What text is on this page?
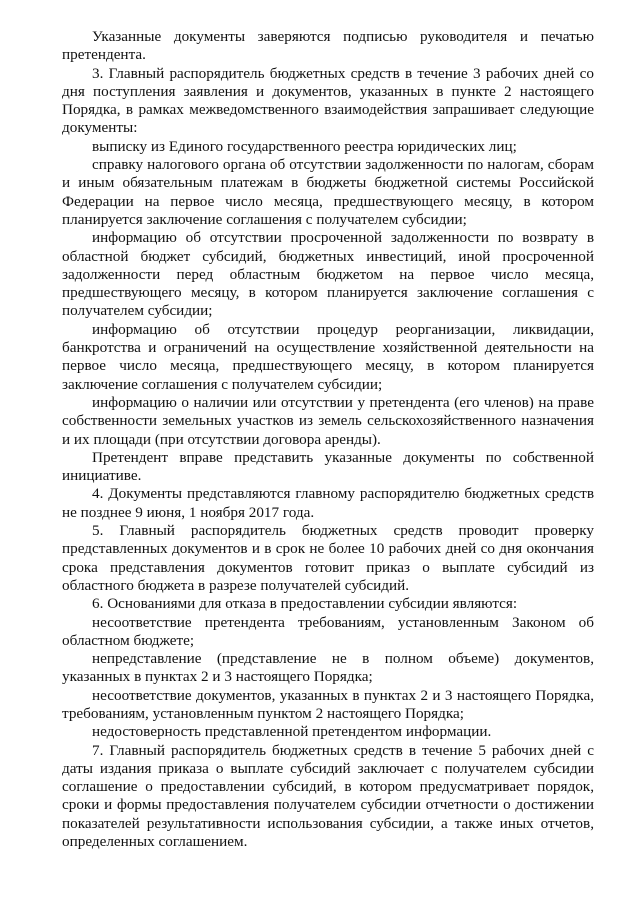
Указанные документы заверяются подписью руководителя и печатью претендента.

3. Главный распорядитель бюджетных средств в течение 3 рабочих дней со дня поступления заявления и документов, указанных в пункте 2 настоящего Порядка, в рамках межведомственного взаимодействия запрашивает следующие документы:

выписку из Единого государственного реестра юридических лиц;

справку налогового органа об отсутствии задолженности по налогам, сборам и иным обязательным платежам в бюджеты бюджетной системы Российской Федерации на первое число месяца, предшествующего месяцу, в котором планируется заключение соглашения с получателем субсидии;

информацию об отсутствии просроченной задолженности по возврату в областной бюджет субсидий, бюджетных инвестиций, иной просроченной задолженности перед областным бюджетом на первое число месяца, предшествующего месяцу, в котором планируется заключение соглашения с получателем субсидии;

информацию об отсутствии процедур реорганизации, ликвидации, банкротства и ограничений на осуществление хозяйственной деятельности на первое число месяца, предшествующего месяцу, в котором планируется заключение соглашения с получателем субсидии;

информацию о наличии или отсутствии у претендента (его членов) на праве собственности земельных участков из земель сельскохозяйственного назначения и их площади (при отсутствии договора аренды).

Претендент вправе представить указанные документы по собственной инициативе.

4. Документы представляются главному распорядителю бюджетных средств не позднее 9 июня, 1 ноября 2017 года.

5. Главный распорядитель бюджетных средств проводит проверку представленных документов и в срок не более 10 рабочих дней со дня окончания срока представления документов готовит приказ о выплате субсидий из областного бюджета в разрезе получателей субсидий.

6. Основаниями для отказа в предоставлении субсидии являются:

несоответствие претендента требованиям, установленным Законом об областном бюджете;

непредставление (представление не в полном объеме) документов, указанных в пунктах 2 и 3 настоящего Порядка;

несоответствие документов, указанных в пунктах 2 и 3 настоящего Порядка, требованиям, установленным пунктом 2 настоящего Порядка;

недостоверность представленной претендентом информации.

7. Главный распорядитель бюджетных средств в течение 5 рабочих дней с даты издания приказа о выплате субсидий заключает с получателем субсидии соглашение о предоставлении субсидий, в котором предусматривает порядок, сроки и формы предоставления получателем субсидии отчетности о достижении показателей результативности использования субсидии, а также иных отчетов, определенных соглашением.
